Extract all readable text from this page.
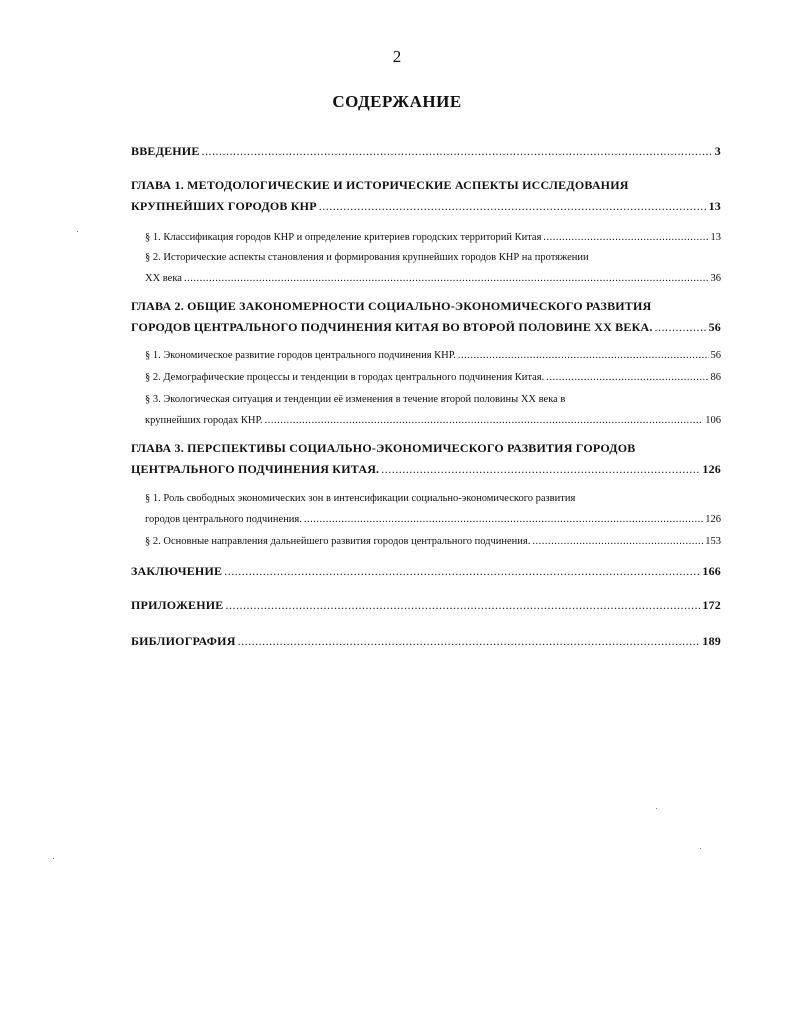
2
СОДЕРЖАНИЕ
ВВЕДЕНИЕ .....	3
ГЛАВА 1. МЕТОДОЛОГИЧЕСКИЕ И ИСТОРИЧЕСКИЕ АСПЕКТЫ ИССЛЕДОВАНИЯ
КРУПНЕЙШИХ ГОРОДОВ КНР .....	13
§ 1. Классификация городов КНР и определение критериев городских территорий Китая .....	13
§ 2. Исторические аспекты становления и формирования крупнейших городов КНР на протяжении
XX века .....	36
ГЛАВА 2. ОБЩИЕ ЗАКОНОМЕРНОСТИ СОЦИАЛЬНО-ЭКОНОМИЧЕСКОГО РАЗВИТИЯ
ГОРОДОВ ЦЕНТРАЛЬНОГО ПОДЧИНЕНИЯ КИТАЯ ВО ВТОРОЙ ПОЛОВИНЕ XX ВЕКА. .....	56
§ 1. Экономическое развитие городов центрального подчинения КНР. .....	56
§ 2. Демографические процессы и тенденции в городах центрального подчинения Китая. .....	86
§ 3. Экологическая ситуация и тенденции её изменения в течение второй половины XX века в
крупнейших городах КНР. .....	106
ГЛАВА 3. ПЕРСПЕКТИВЫ СОЦИАЛЬНО-ЭКОНОМИЧЕСКОГО РАЗВИТИЯ ГОРОДОВ
ЦЕНТРАЛЬНОГО ПОДЧИНЕНИЯ КИТАЯ. .....	126
§ 1. Роль свободных экономических зон в интенсификации социально-экономического развития
городов центрального подчинения. .....	126
§ 2. Основные направления дальнейшего развития городов центрального подчинения. .....	153
ЗАКЛЮЧЕНИЕ .....	166
ПРИЛОЖЕНИЕ .....	172
БИБЛИОГРАФИЯ .....	189
